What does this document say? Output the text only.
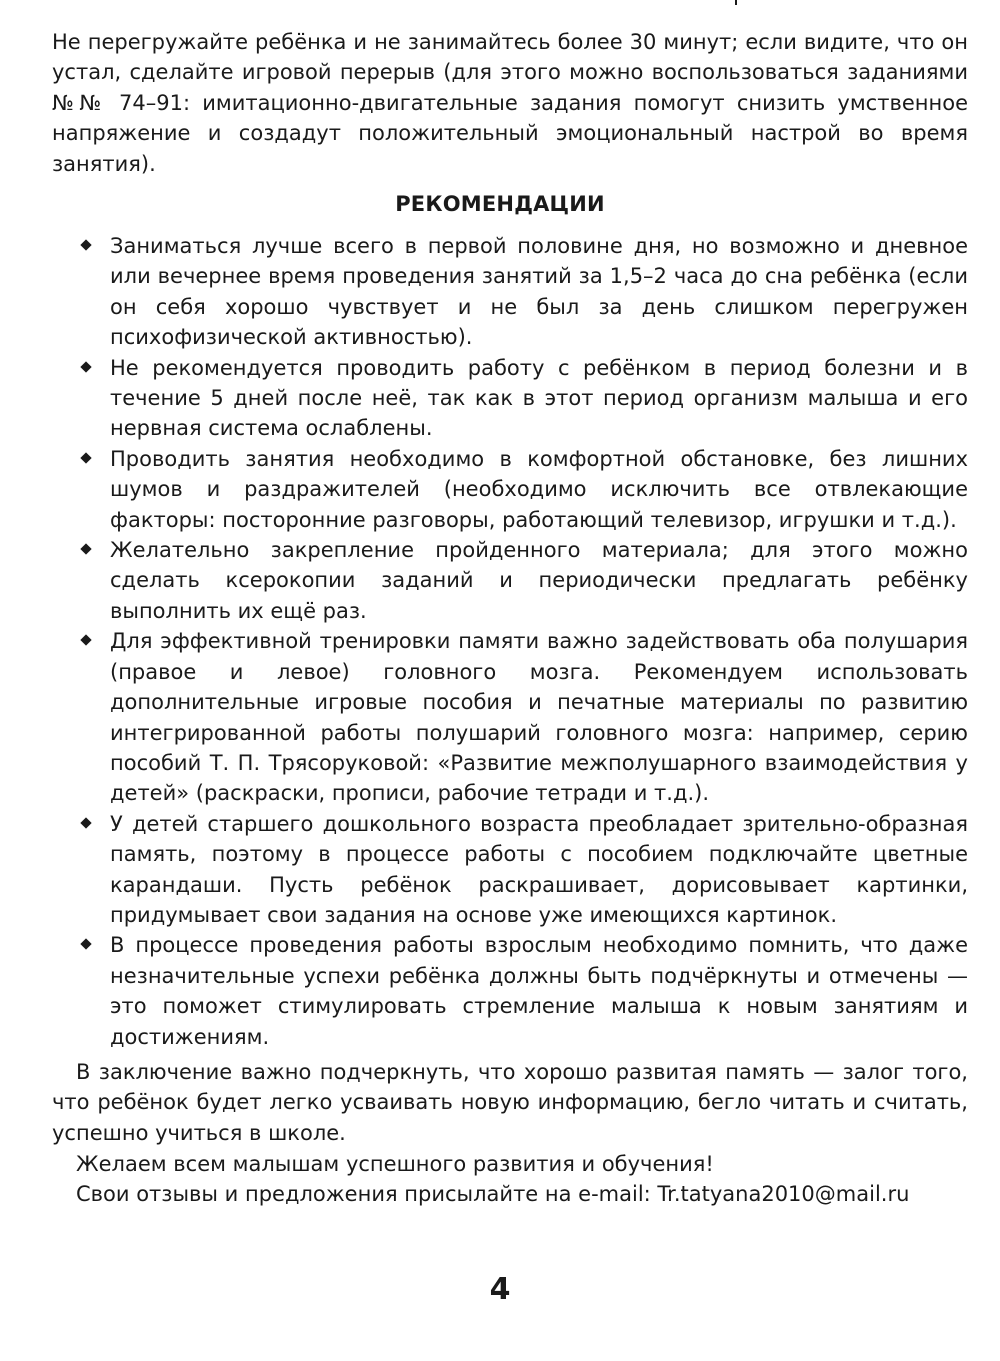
Не перегружайте ребёнка и не занимайтесь более 30 минут; если видите, что он устал, сделайте игровой перерыв (для этого можно воспользоваться заданиями №№ 74–91: имитационно-двигательные задания помогут снизить умственное напряжение и создадут положительный эмоциональный настрой во время занятия).

РЕКОМЕНДАЦИИ
Заниматься лучше всего в первой половине дня, но возможно и дневное или вечернее время проведения занятий за 1,5–2 часа до сна ребёнка (если он себя хорошо чувствует и не был за день слишком перегружен психофизической активностью).
Не рекомендуется проводить работу с ребёнком в период болезни и в течение 5 дней после неё, так как в этот период организм малыша и его нервная система ослаблены.
Проводить занятия необходимо в комфортной обстановке, без лишних шумов и раздражителей (необходимо исключить все отвлекающие факторы: посторонние разговоры, работающий телевизор, игрушки и т.д.).
Желательно закрепление пройденного материала; для этого можно сделать ксерокопии заданий и периодически предлагать ребёнку выполнить их ещё раз.
Для эффективной тренировки памяти важно задействовать оба полушария (правое и левое) головного мозга. Рекомендуем использовать дополнительные игровые пособия и печатные материалы по развитию интегрированной работы полушарий головного мозга: например, серию пособий Т. П. Трясоруковой: «Развитие межполушарного взаимодействия у детей» (раскраски, прописи, рабочие тетради и т.д.).
У детей старшего дошкольного возраста преобладает зрительно-образная память, поэтому в процессе работы с пособием подключайте цветные карандаши. Пусть ребёнок раскрашивает, дорисовывает картинки, придумывает свои задания на основе уже имеющихся картинок.
В процессе проведения работы взрослым необходимо помнить, что даже незначительные успехи ребёнка должны быть подчёркнуты и отмечены — это поможет стимулировать стремление малыша к новым занятиям и достижениям.

В заключение важно подчеркнуть, что хорошо развитая память — залог того, что ребёнок будет легко усваивать новую информацию, бегло читать и считать, успешно учиться в школе.

Желаем всем малышам успешного развития и обучения!
Свои отзывы и предложения присылайте на e-mail: Tr.tatyana2010@mail.ru
4
